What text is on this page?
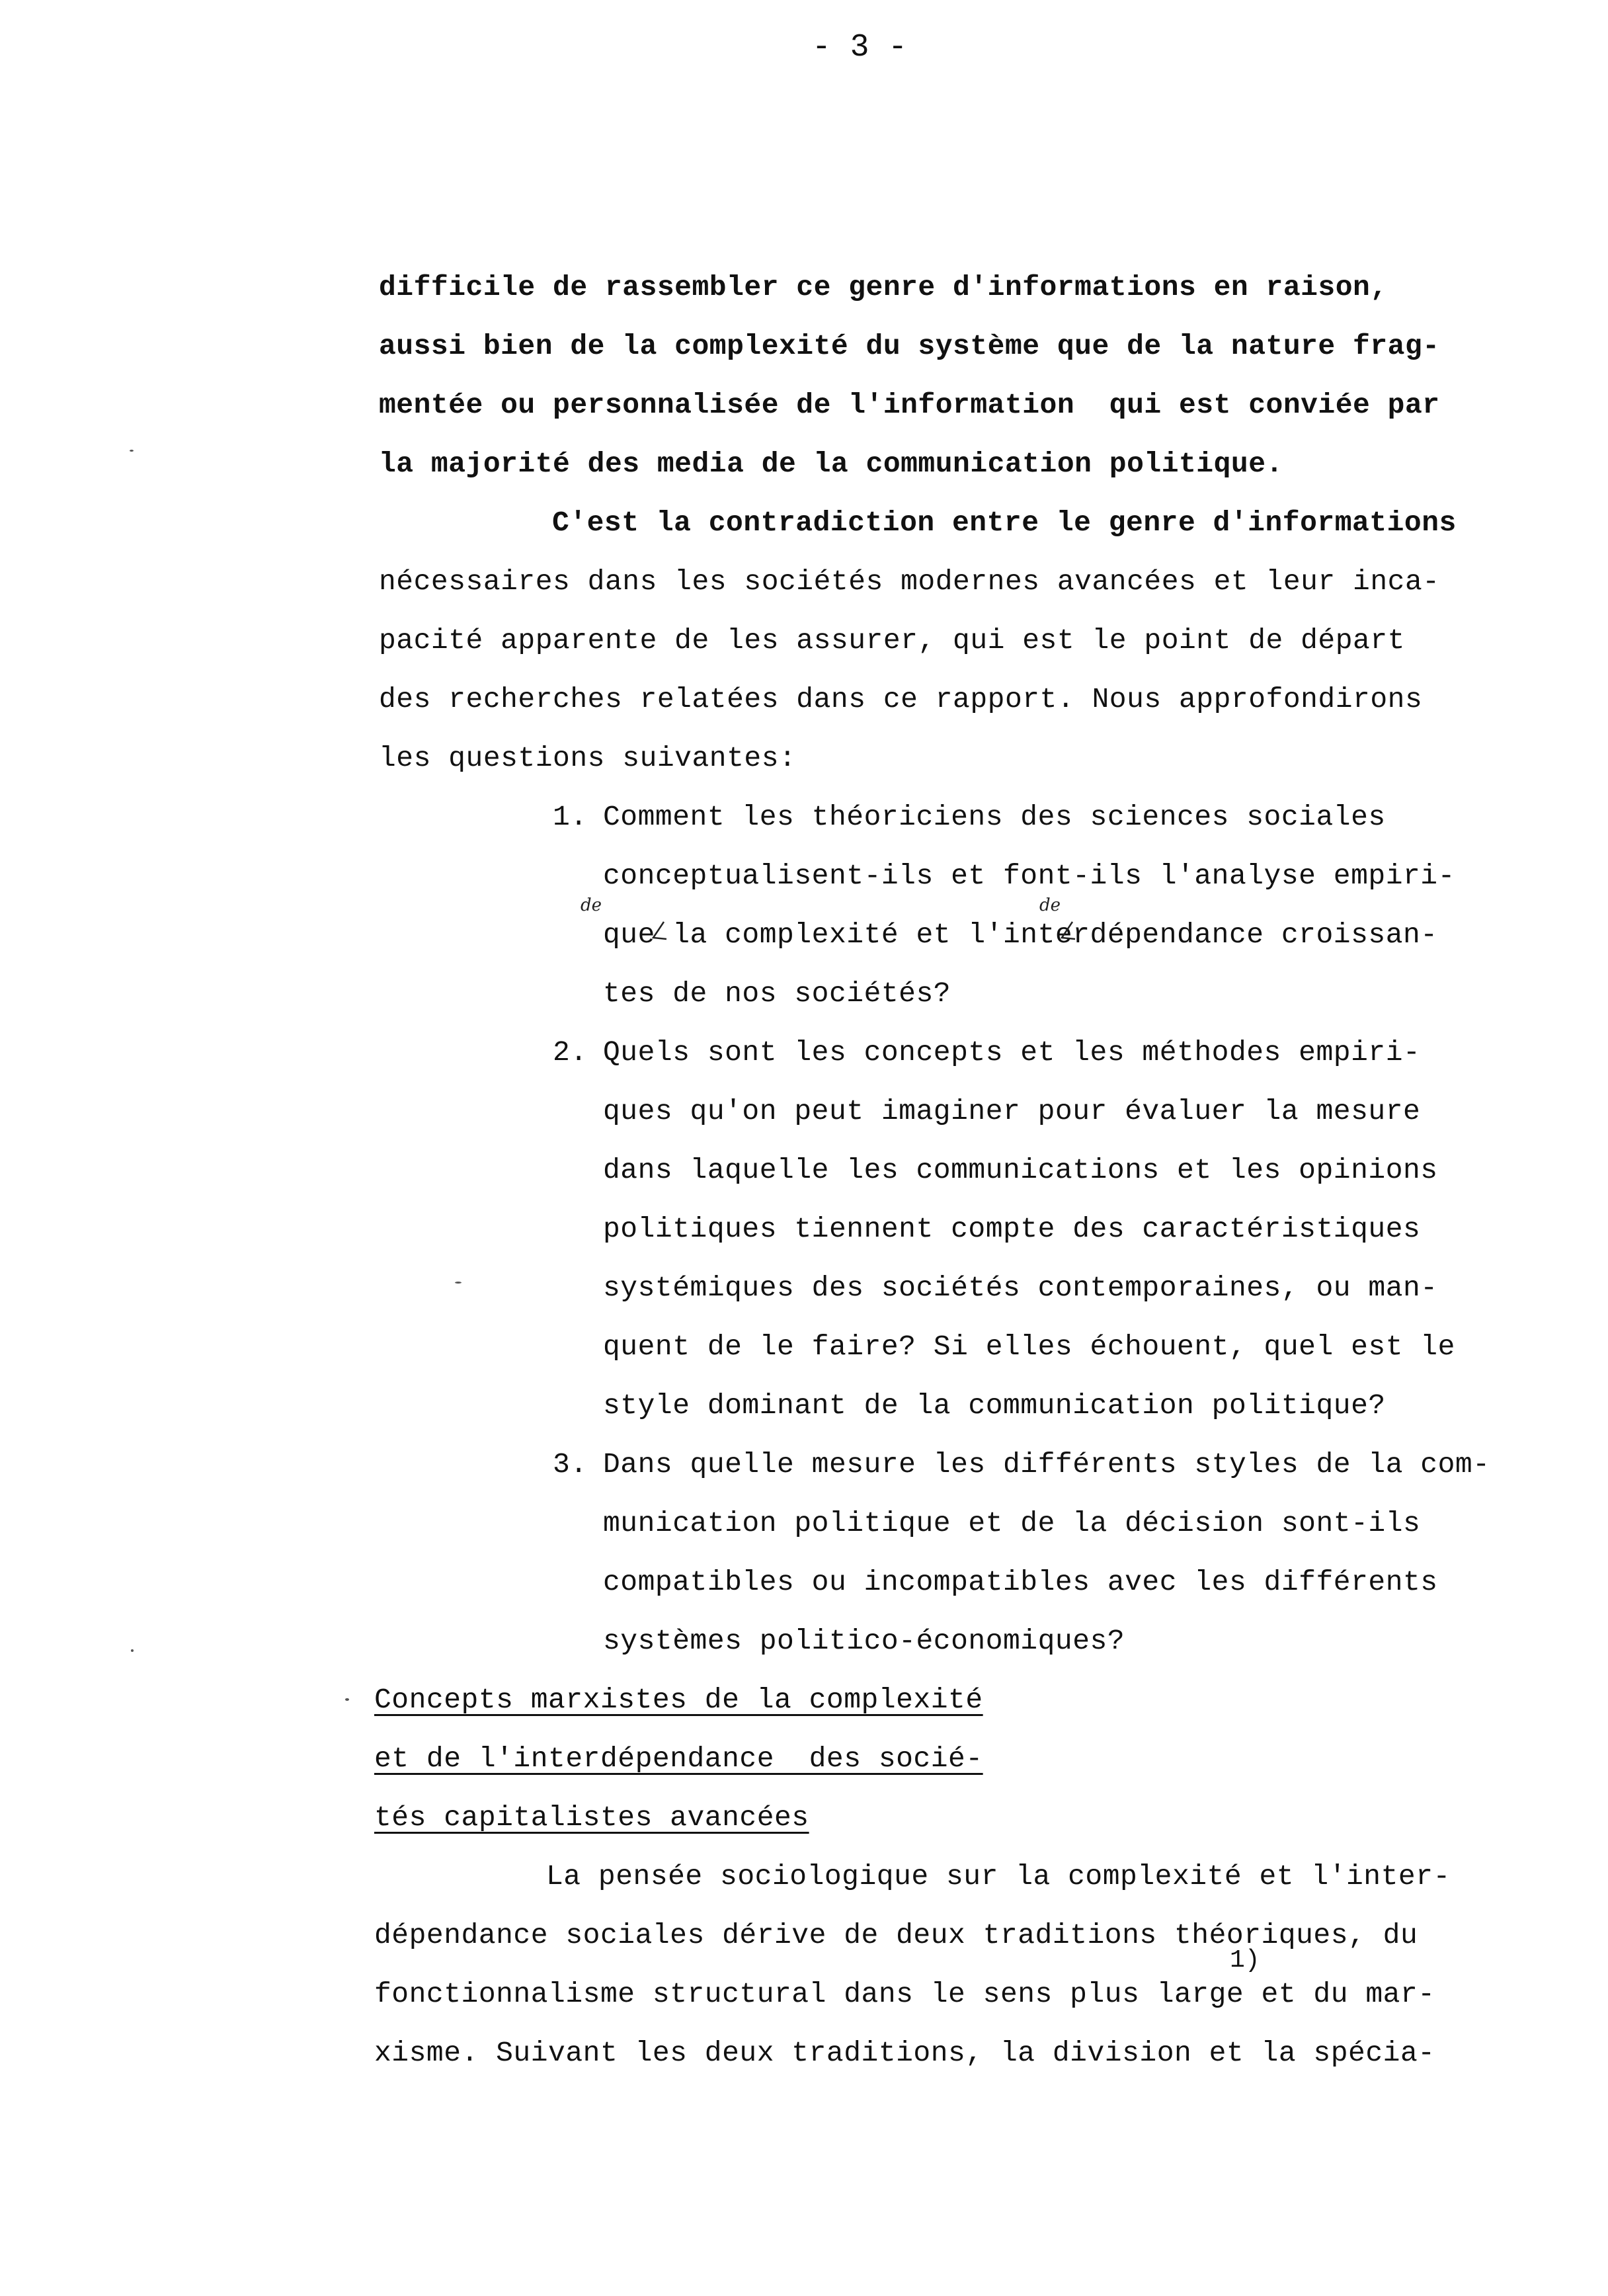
- 3 -
difficile de rassembler ce genre d'informations en raison,
aussi bien de la complexité du système que de la nature frag-
mentée ou personnalisée de l'information  qui est conviée par
la majorité des media de la communication politique.
C'est la contradiction entre le genre d'informations
nécessaires dans les sociétés modernes avancées et leur inca-
pacité apparente de les assurer, qui est le point de départ
des recherches relatées dans ce rapport. Nous approfondirons
les questions suivantes:
1. Comment les théoriciens des sciences sociales
conceptualisent-ils et font-ils l'analyse empiri-
que la complexité et l'interdépendance croissan-
tes de nos sociétés?
de	de
2. Quels sont les concepts et les méthodes empiri-
ques qu'on peut imaginer pour évaluer la mesure
dans laquelle les communications et les opinions
politiques tiennent compte des caractéristiques
systémiques des sociétés contemporaines, ou man-
quent de le faire? Si elles échouent, quel est le
style dominant de la communication politique?
3. Dans quelle mesure les différents styles de la com-
munication politique et de la décision sont-ils
compatibles ou incompatibles avec les différents
systèmes politico-économiques?
Concepts marxistes de la complexité
et de l'interdépendance  des socié-
tés capitalistes avancées
La pensée sociologique sur la complexité et l'inter-
dépendance sociales dérive de deux traditions théoriques, du
fonctionnalisme structural dans le sens plus large et du mar-
xisme. Suivant les deux traditions, la division et la spécia-
1)
